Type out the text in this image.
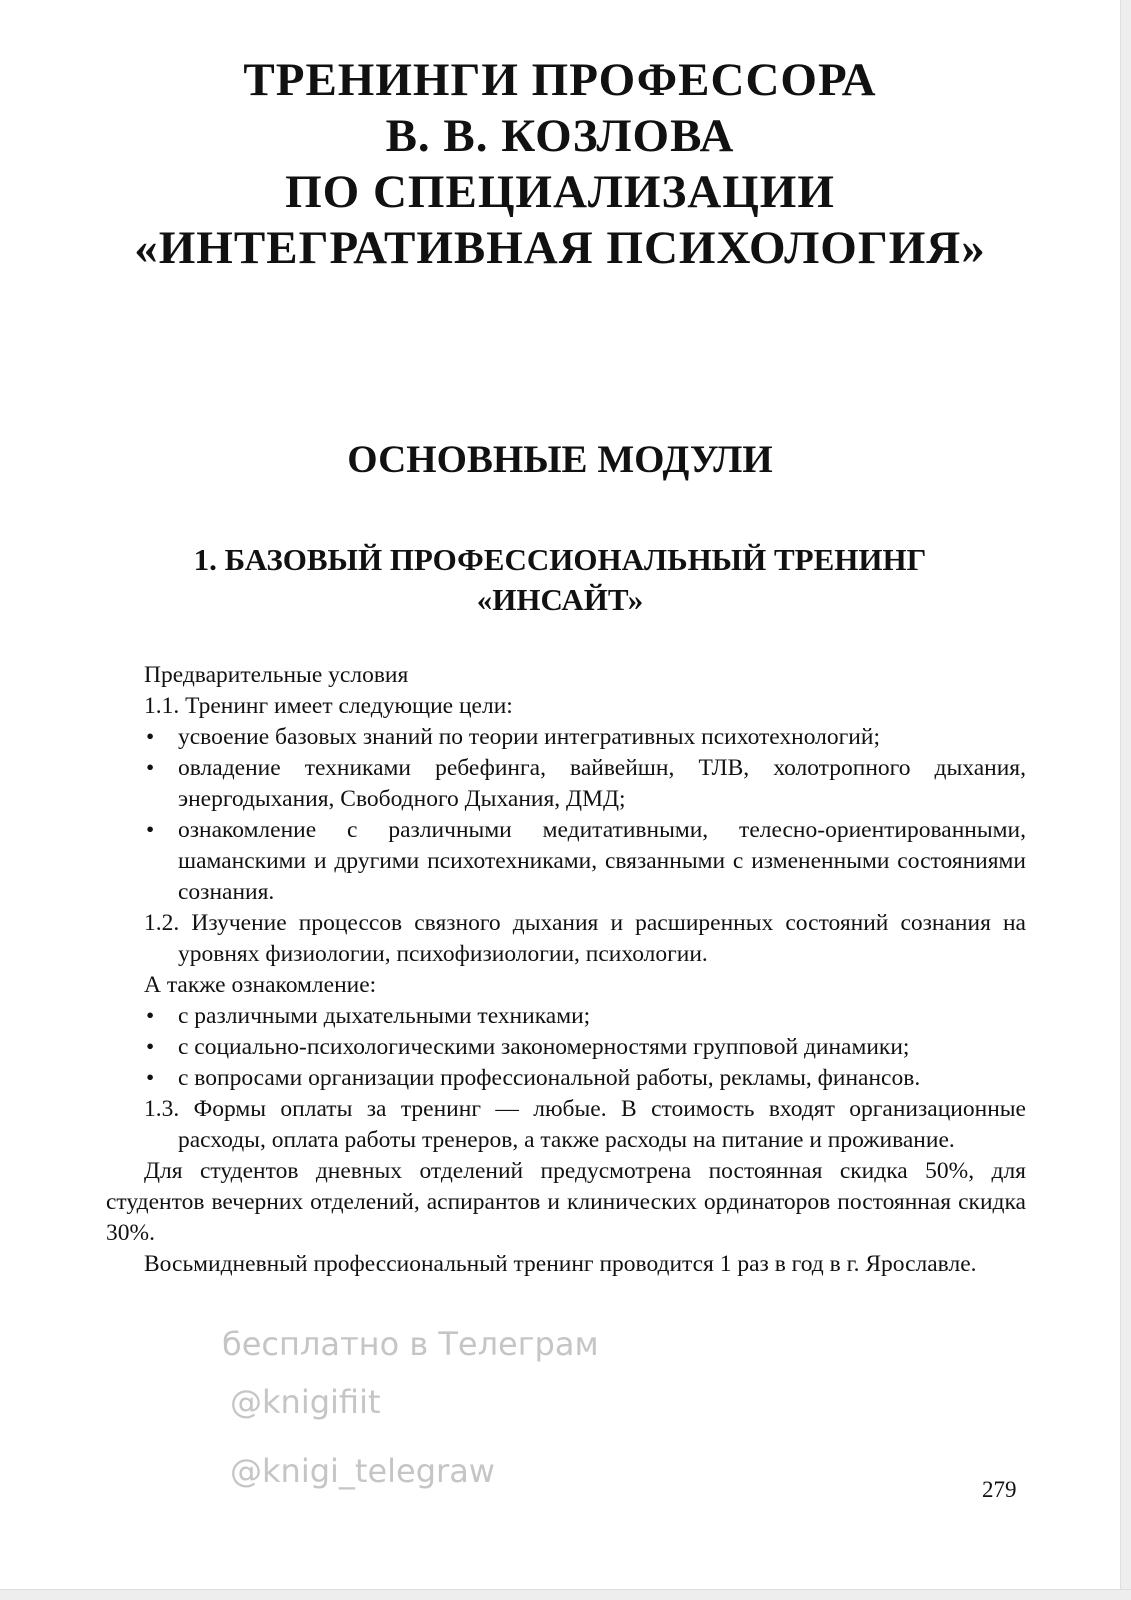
ТРЕНИНГИ ПРОФЕССОРА
В. В. КОЗЛОВА
ПО СПЕЦИАЛИЗАЦИИ
«ИНТЕГРАТИВНАЯ ПСИХОЛОГИЯ»
ОСНОВНЫЕ МОДУЛИ
1. БАЗОВЫЙ ПРОФЕССИОНАЛЬНЫЙ ТРЕНИНГ
«ИНСАЙТ»

Предварительные условия

1.1. Тренинг имеет следующие цели:

• усвоение базовых знаний по теории интегративных психотехнологий;
• овладение техниками ребефинга, вайвейшн, ТЛВ, холотропного дыхания, энергодыхания, Свободного Дыхания, ДМД;
• ознакомление с различными медитативными, телесно-ориентированными, шаманскими и другими психотехниками, связанными с измененными состояниями сознания.

1.2. Изучение процессов связного дыхания и расширенных состояний сознания на уровнях физиологии, психофизиологии, психологии.

А также ознакомление:

• с различными дыхательными техниками;
• с социально-психологическими закономерностями групповой динамики;
• с вопросами организации профессиональной работы, рекламы, финансов.

1.3. Формы оплаты за тренинг — любые. В стоимость входят организационные расходы, оплата работы тренеров, а также расходы на питание и проживание.

Для студентов дневных отделений предусмотрена постоянная скидка 50%, для студентов вечерних отделений, аспирантов и клинических ординаторов постоянная скидка 30%.

Восьмидневный профессиональный тренинг проводится 1 раз в год в г. Ярославле.

бесплатно в Телеграм
@knigifiit
@knigi_telegraw	279
